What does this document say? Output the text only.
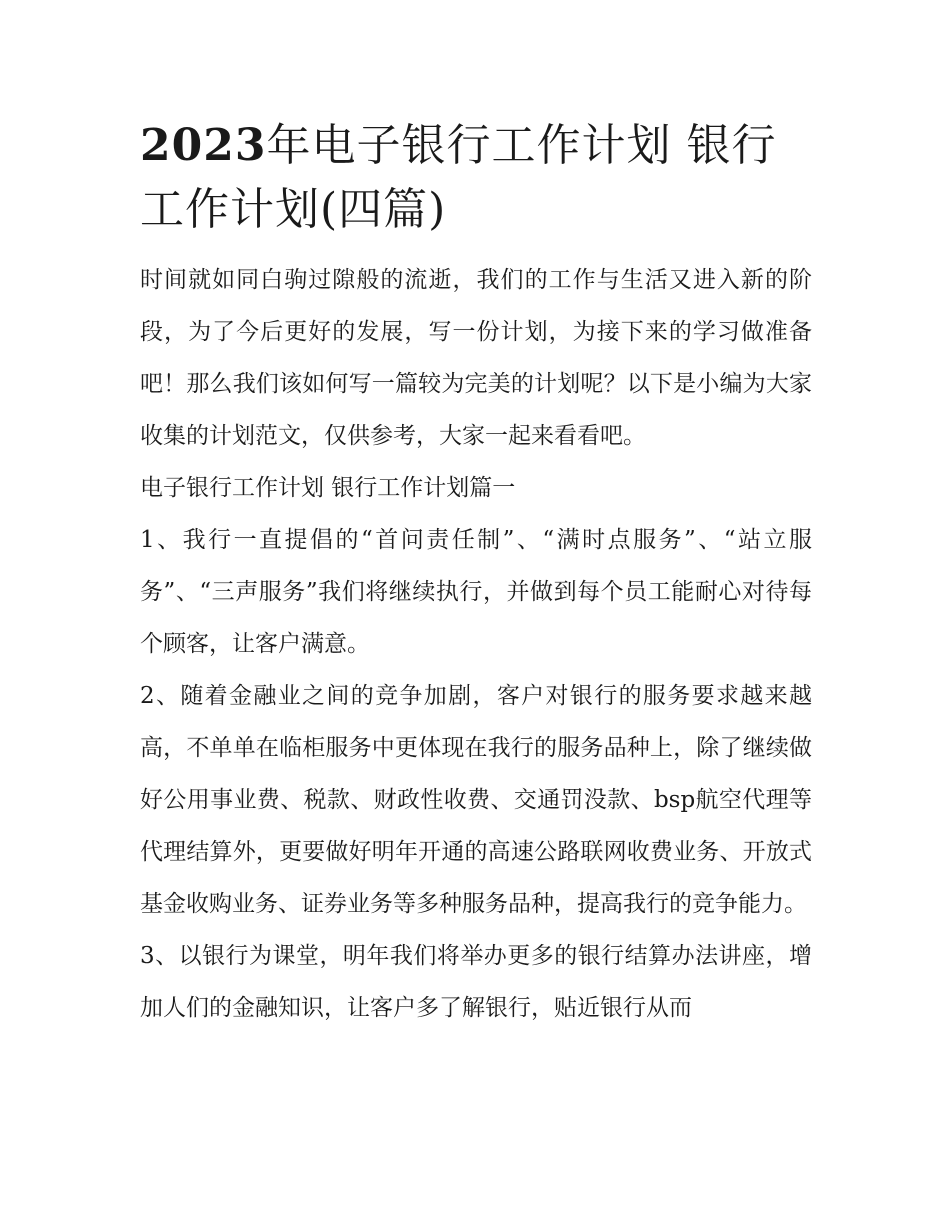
2023年电子银行工作计划 银行工作计划(四篇)

时间就如同白驹过隙般的流逝，我们的工作与生活又进入新的阶段，为了今后更好的发展，写一份计划，为接下来的学习做准备吧！那么我们该如何写一篇较为完美的计划呢？以下是小编为大家收集的计划范文，仅供参考，大家一起来看看吧。

电子银行工作计划 银行工作计划篇一

1、我行一直提倡的“首问责任制”、“满时点服务”、“站立服务”、“三声服务”我们将继续执行，并做到每个员工能耐心对待每个顾客，让客户满意。

2、随着金融业之间的竞争加剧，客户对银行的服务要求越来越高，不单单在临柜服务中更体现在我行的服务品种上，除了继续做好公用事业费、税款、财政性收费、交通罚没款、bsp航空代理等代理结算外，更要做好明年开通的高速公路联网收费业务、开放式基金收购业务、证券业务等多种服务品种，提高我行的竞争能力。

3、以银行为课堂，明年我们将举办更多的银行结算办法讲座，增加人们的金融知识，让客户多了解银行，贴近银行从而
